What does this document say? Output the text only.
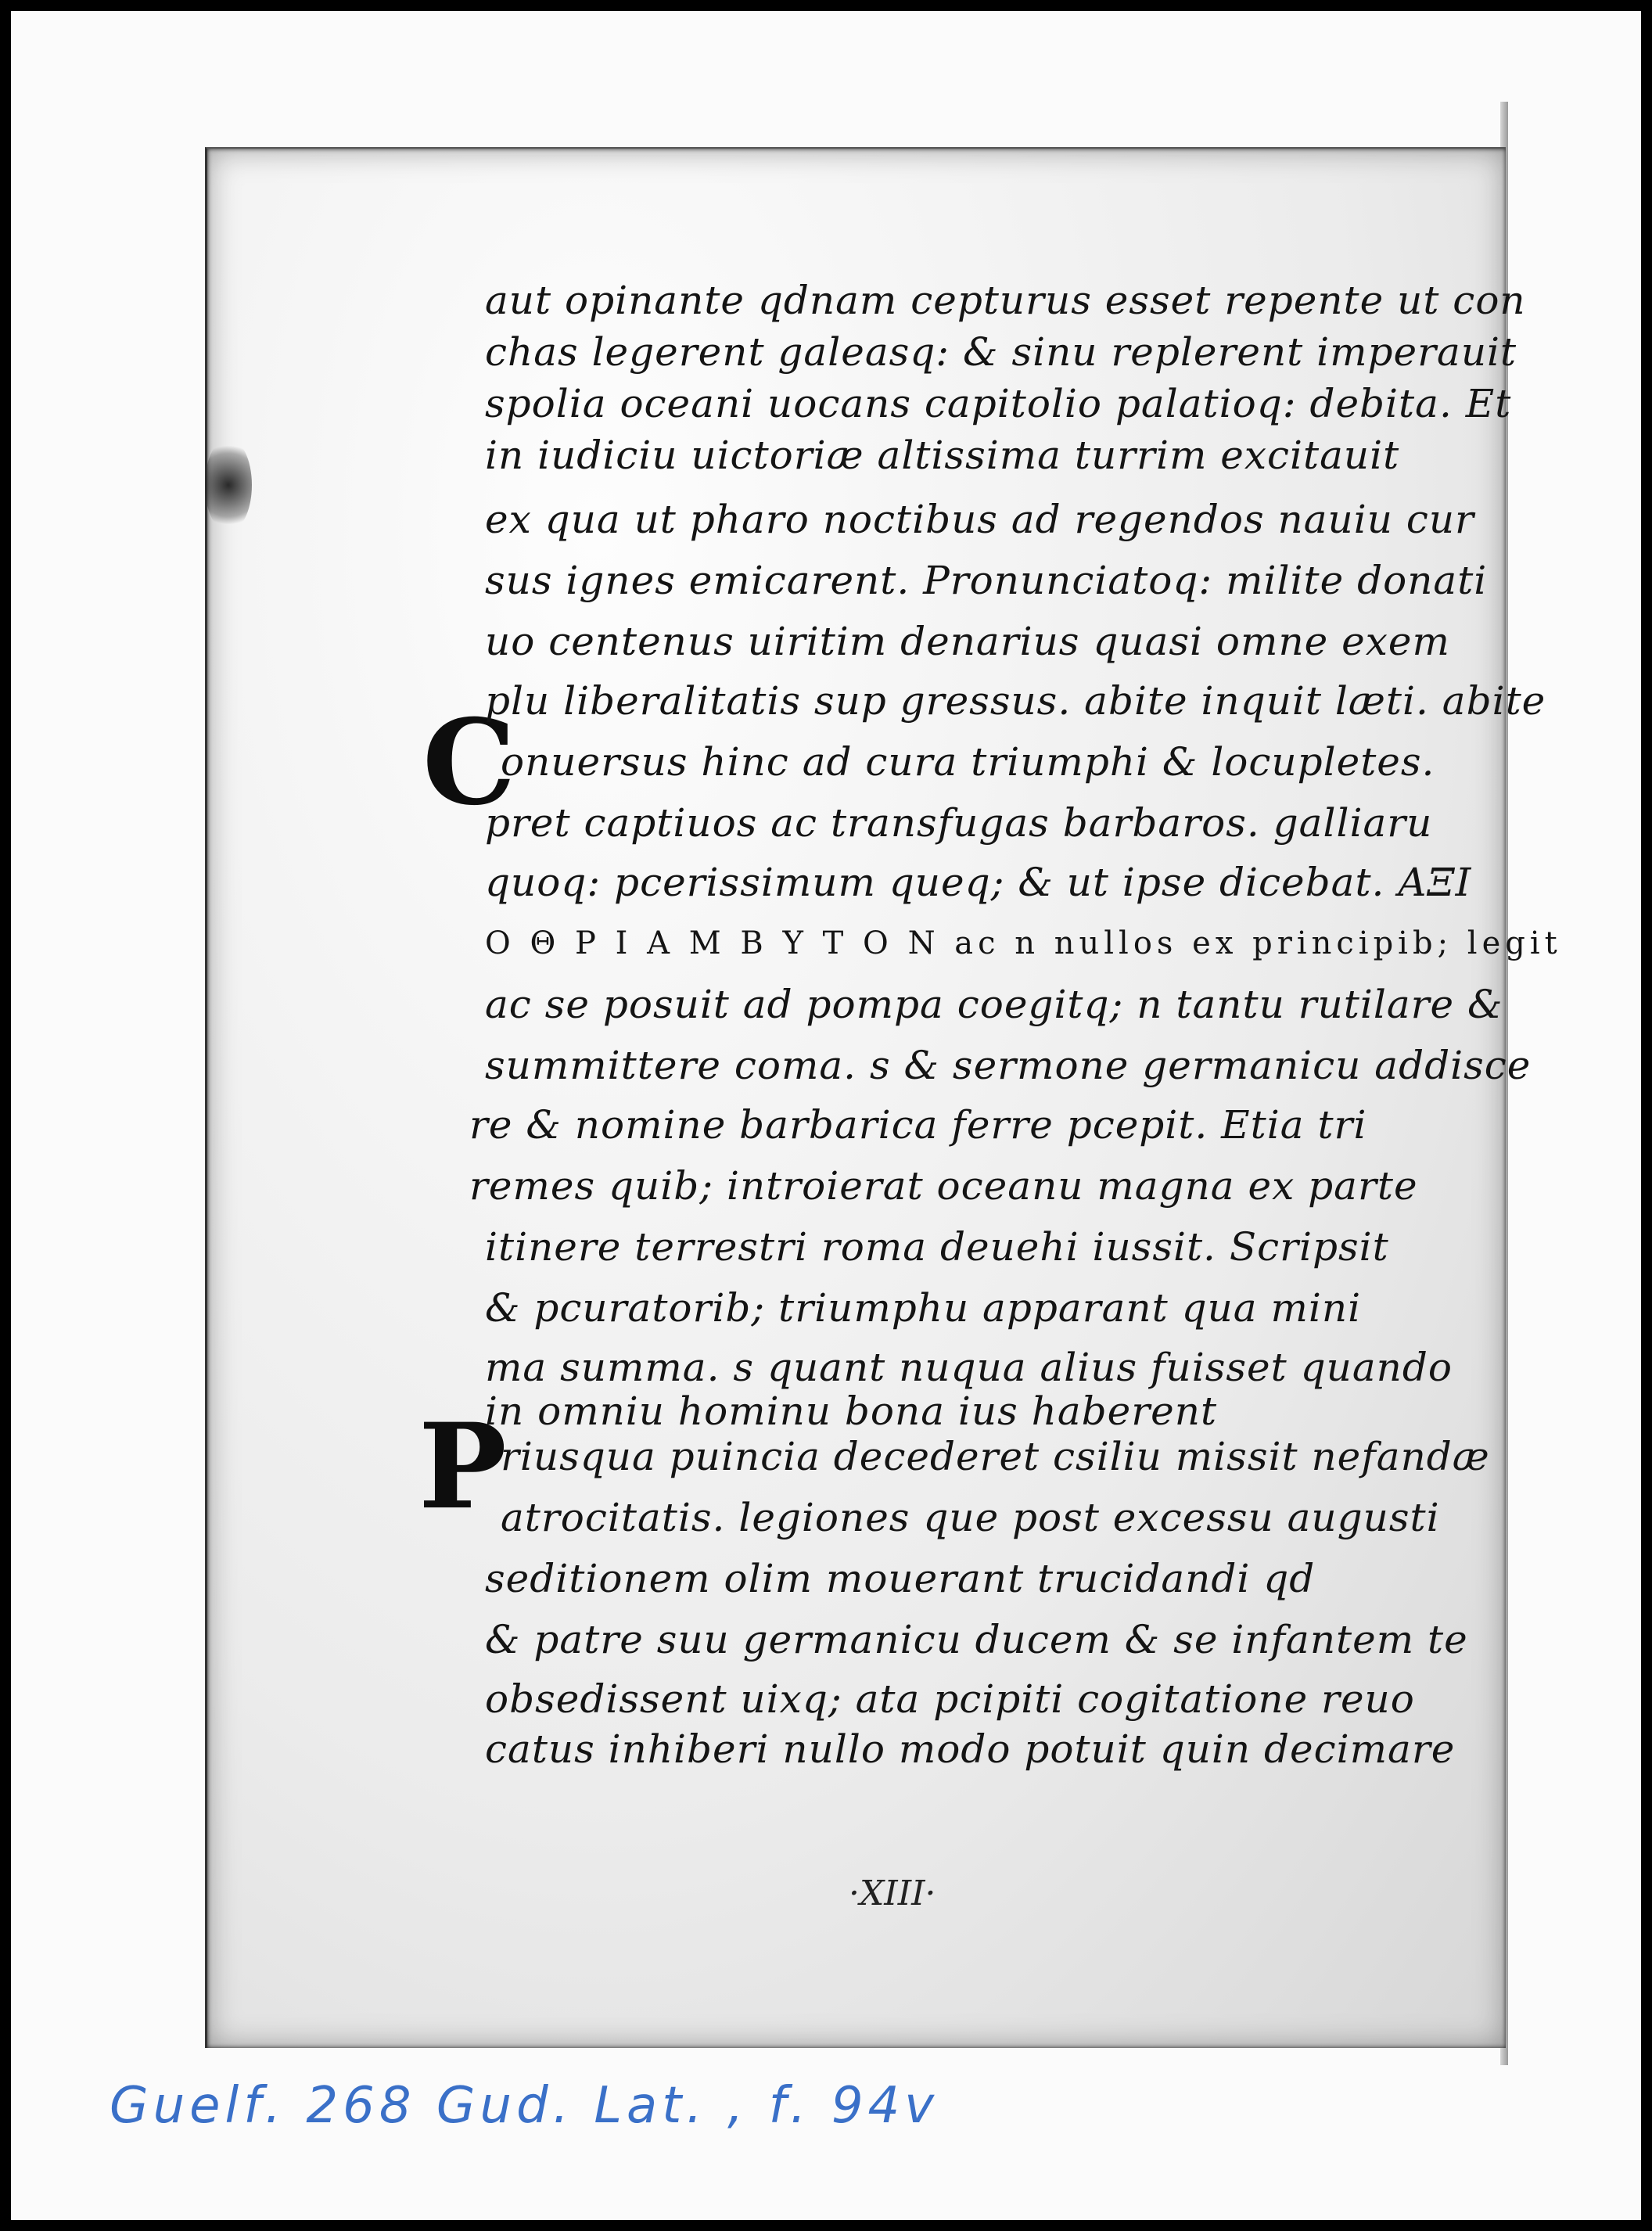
C
P
aut opinante qdnam cepturus esset repente ut con
chas legerent galeasq: & sinu replerent imperauit
spolia oceani uocans capitolio palatioq: debita. Et
in iudiciu uictoriæ altissima turrim excitauit
ex qua ut pharo noctibus ad regendos nauiu cur
sus ignes emicarent. Pronunciatoq: milite donati
uo centenus uiritim denarius quasi omne exem
plu liberalitatis sup gressus. abite inquit læti. abite
onuersus hinc ad cura triumphi & locupletes.
pret captiuos ac transfugas barbaros. galliaru
quoq: pcerissimum queq; & ut ipse dicebat. ΑΞΙ
Ο Θ Ρ Ι Α Μ Β Υ Τ Ο Ν ac n nullos ex principib; legit
ac se posuit ad pompa coegitq; n tantu rutilare &
summittere coma. s & sermone germanicu addisce
re & nomine barbarica ferre pcepit. Etia tri
remes quib; introierat oceanu magna ex parte
itinere terrestri roma deuehi iussit. Scripsit
& pcuratorib; triumphu apparant qua mini
ma summa. s quant nuqua alius fuisset quando
in omniu hominu bona ius haberent
riusqua puincia decederet csiliu missit nefandæ
atrocitatis. legiones que post excessu augusti
seditionem olim mouerant trucidandi qd
& patre suu germanicu ducem & se infantem te
obsedissent uixq; ata pcipiti cogitatione reuo
catus inhiberi nullo modo potuit quin decimare
·XIII·
Guelf. 268 Gud. Lat. , f. 94v
